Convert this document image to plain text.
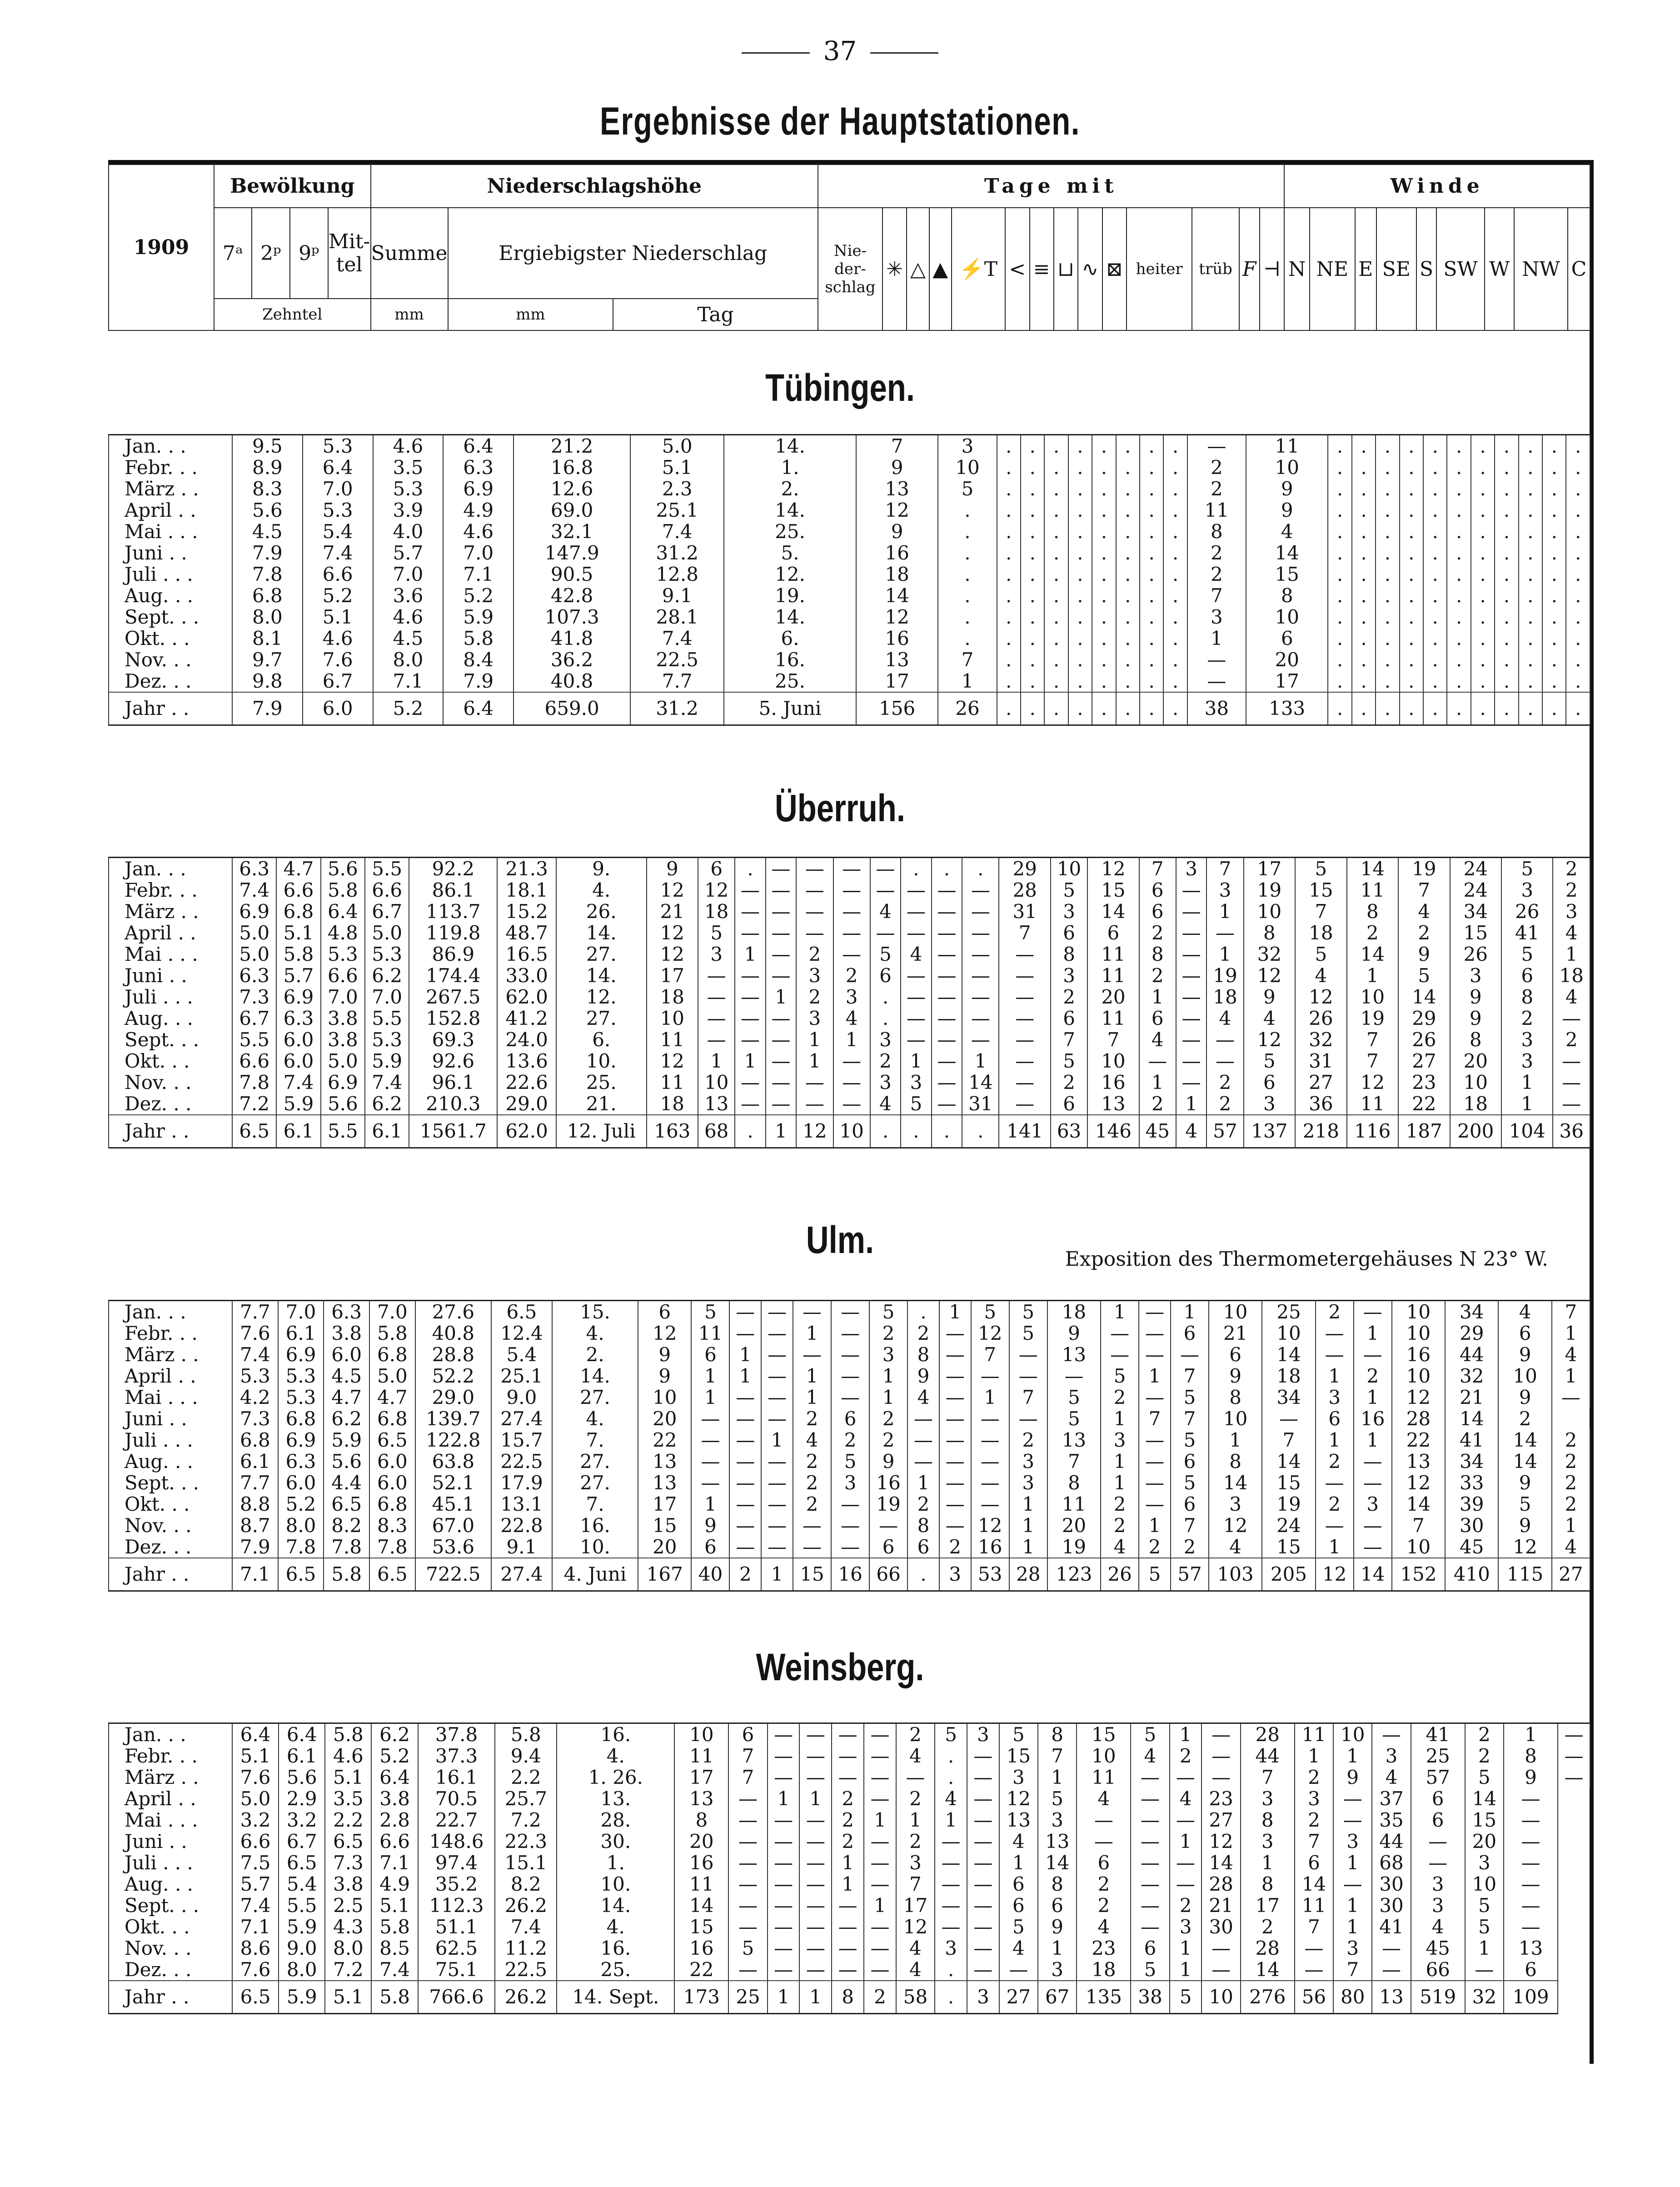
37
Ergebnisse der Hauptstationen.
1909	Bewölkung				Niederschlagshöhe			Tage mit														Winde								
	7ᵃ	2ᵖ	9ᵖ	Mit-tel	Summe	Ergiebigster Niederschlag		Nie-der-schlag	✳	△	▲	⚡T	<	≡	⊔	∿	⊠	heiter	trüb	𝐹	⊣	N	NE	E	SE	S	SW	W	NW	C
	Zehntel				mm	mm	Tag																							
Tübingen.
Jan. . .	9.5	5.3	4.6	6.4	21.2	5.0	14.	7	3	.	.	.	.	.	.	.	.	—	11	.	.	.	.	.	.	.	.	.	.	.
Febr. . .	8.9	6.4	3.5	6.3	16.8	5.1	1.	9	10	.	.	.	.	.	.	.	.	2	10	.	.	.	.	.	.	.	.	.	.	.
März . .	8.3	7.0	5.3	6.9	12.6	2.3	2.	13	5	.	.	.	.	.	.	.	.	2	9	.	.	.	.	.	.	.	.	.	.	.
April . .	5.6	5.3	3.9	4.9	69.0	25.1	14.	12	.	.	.	.	.	.	.	.	.	11	9	.	.	.	.	.	.	.	.	.	.	.
Mai . . .	4.5	5.4	4.0	4.6	32.1	7.4	25.	9	.	.	.	.	.	.	.	.	.	8	4	.	.	.	.	.	.	.	.	.	.	.
Juni . .	7.9	7.4	5.7	7.0	147.9	31.2	5.	16	.	.	.	.	.	.	.	.	.	2	14	.	.	.	.	.	.	.	.	.	.	.
Juli . . .	7.8	6.6	7.0	7.1	90.5	12.8	12.	18	.	.	.	.	.	.	.	.	.	2	15	.	.	.	.	.	.	.	.	.	.	.
Aug. . .	6.8	5.2	3.6	5.2	42.8	9.1	19.	14	.	.	.	.	.	.	.	.	.	7	8	.	.	.	.	.	.	.	.	.	.	.
Sept. . .	8.0	5.1	4.6	5.9	107.3	28.1	14.	12	.	.	.	.	.	.	.	.	.	3	10	.	.	.	.	.	.	.	.	.	.	.
Okt. . .	8.1	4.6	4.5	5.8	41.8	7.4	6.	16	.	.	.	.	.	.	.	.	.	1	6	.	.	.	.	.	.	.	.	.	.	.
Nov. . .	9.7	7.6	8.0	8.4	36.2	22.5	16.	13	7	.	.	.	.	.	.	.	.	—	20	.	.	.	.	.	.	.	.	.	.	.
Dez. . .	9.8	6.7	7.1	7.9	40.8	7.7	25.	17	1	.	.	.	.	.	.	.	.	—	17	.	.	.	.	.	.	.	.	.	.	.
Jahr . .	7.9	6.0	5.2	6.4	659.0	31.2	5. Juni	156	26	.	.	.	.	.	.	.	.	38	133	.	.	.	.	.	.	.	.	.	.	.
Überruh.
Jan. . .	6.3	4.7	5.6	5.5	92.2	21.3	9.	9	6	.	—	—	—	—	.	.	.	29	10	12	7	3	7	17	5	14	19	24	5	2
Febr. . .	7.4	6.6	5.8	6.6	86.1	18.1	4.	12	12	—	—	—	—	—	—	—	—	28	5	15	6	—	3	19	15	11	7	24	3	2
März . .	6.9	6.8	6.4	6.7	113.7	15.2	26.	21	18	—	—	—	—	4	—	—	—	31	3	14	6	—	1	10	7	8	4	34	26	3
April . .	5.0	5.1	4.8	5.0	119.8	48.7	14.	12	5	—	—	—	—	—	—	—	—	7	6	6	2	—	—	8	18	2	2	15	41	4
Mai . . .	5.0	5.8	5.3	5.3	86.9	16.5	27.	12	3	1	—	2	—	5	4	—	—	—	8	11	8	—	1	32	5	14	9	26	5	1
Juni . .	6.3	5.7	6.6	6.2	174.4	33.0	14.	17	—	—	—	3	2	6	—	—	—	—	3	11	2	—	19	12	4	1	5	3	6	18
Juli . . .	7.3	6.9	7.0	7.0	267.5	62.0	12.	18	—	—	1	2	3	.	—	—	—	—	2	20	1	—	18	9	12	10	14	9	8	4
Aug. . .	6.7	6.3	3.8	5.5	152.8	41.2	27.	10	—	—	—	3	4	.	—	—	—	—	6	11	6	—	4	4	26	19	29	9	2	—
Sept. . .	5.5	6.0	3.8	5.3	69.3	24.0	6.	11	—	—	—	1	1	3	—	—	—	—	7	7	4	—	—	12	32	7	26	8	3	2
Okt. . .	6.6	6.0	5.0	5.9	92.6	13.6	10.	12	1	1	—	1	—	2	1	—	1	—	5	10	—	—	—	5	31	7	27	20	3	—
Nov. . .	7.8	7.4	6.9	7.4	96.1	22.6	25.	11	10	—	—	—	—	3	3	—	14	—	2	16	1	—	2	6	27	12	23	10	1	—
Dez. . .	7.2	5.9	5.6	6.2	210.3	29.0	21.	18	13	—	—	—	—	4	5	—	31	—	6	13	2	1	2	3	36	11	22	18	1	—
Jahr . .	6.5	6.1	5.5	6.1	1561.7	62.0	12. Juli	163	68	.	1	12	10	.	.	.	.	141	63	146	45	4	57	137	218	116	187	200	104	36
Ulm.	Exposition des Thermometergehäuses N 23° W.
Jan. . .	7.7	7.0	6.3	7.0	27.6	6.5	15.	6	5	—	—	—	—	5	.	1	5	5	18	1	—	1	10	25	2	—	10	34	4	7
Febr. . .	7.6	6.1	3.8	5.8	40.8	12.4	4.	12	11	—	—	1	—	2	2	—	12	5	9	—	—	6	21	10	—	1	10	29	6	1
März . .	7.4	6.9	6.0	6.8	28.8	5.4	2.	9	6	1	—	—	—	3	8	—	7	—	13	—	—	—	6	14	—	—	16	44	9	4
April . .	5.3	5.3	4.5	5.0	52.2	25.1	14.	9	1	1	—	1	—	1	9	—	—	—	—	5	1	7	9	18	1	2	10	32	10	1
Mai . . .	4.2	5.3	4.7	4.7	29.0	9.0	27.	10	1	—	—	1	—	1	4	—	1	7	5	2	—	5	8	34	3	1	12	21	9	—
Juni . .	7.3	6.8	6.2	6.8	139.7	27.4	4.	20	—	—	—	2	6	2	—	—	—	—	5	1	7	7	10	—	6	16	28	14	2	
Juli . . .	6.8	6.9	5.9	6.5	122.8	15.7	7.	22	—	—	1	4	2	2	—	—	—	2	13	3	—	5	1	7	1	1	22	41	14	2
Aug. . .	6.1	6.3	5.6	6.0	63.8	22.5	27.	13	—	—	—	2	5	9	—	—	—	3	7	1	—	6	8	14	2	—	13	34	14	2
Sept. . .	7.7	6.0	4.4	6.0	52.1	17.9	27.	13	—	—	—	2	3	16	1	—	—	3	8	1	—	5	14	15	—	—	12	33	9	2
Okt. . .	8.8	5.2	6.5	6.8	45.1	13.1	7.	17	1	—	—	2	—	19	2	—	—	1	11	2	—	6	3	19	2	3	14	39	5	2
Nov. . .	8.7	8.0	8.2	8.3	67.0	22.8	16.	15	9	—	—	—	—	—	8	—	12	1	20	2	1	7	12	24	—	—	7	30	9	1
Dez. . .	7.9	7.8	7.8	7.8	53.6	9.1	10.	20	6	—	—	—	—	6	6	2	16	1	19	4	2	2	4	15	1	—	10	45	12	4
Jahr . .	7.1	6.5	5.8	6.5	722.5	27.4	4. Juni	167	40	2	1	15	16	66	.	3	53	28	123	26	5	57	103	205	12	14	152	410	115	27
Weinsberg.
Jan. . .	6.4	6.4	5.8	6.2	37.8	5.8	16.	10	6	—	—	—	—	2	5	3	5	8	15	5	1	—	28	11	10	—	41	2	1	—
Febr. . .	5.1	6.1	4.6	5.2	37.3	9.4	4.	11	7	—	—	—	—	4	.	—	15	7	10	4	2	—	44	1	1	3	25	2	8	—
März . .	7.6	5.6	5.1	6.4	16.1	2.2	1. 26.	17	7	—	—	—	—	—	.	—	3	1	11	—	—	—	7	2	9	4	57	5	9	—
April . .	5.0	2.9	3.5	3.8	70.5	25.7	13.	13	—	1	1	2	—	2	4	—	12	5	4	—	4	23	3	3	—	37	6	14	—	
Mai . . .	3.2	3.2	2.2	2.8	22.7	7.2	28.	8	—	—	—	2	1	1	1	—	13	3	—	—	—	27	8	2	—	35	6	15	—	
Juni . .	6.6	6.7	6.5	6.6	148.6	22.3	30.	20	—	—	—	2	—	2	—	—	4	13	—	—	1	12	3	7	3	44	—	20	—	
Juli . . .	7.5	6.5	7.3	7.1	97.4	15.1	1.	16	—	—	—	1	—	3	—	—	1	14	6	—	—	14	1	6	1	68	—	3	—	
Aug. . .	5.7	5.4	3.8	4.9	35.2	8.2	10.	11	—	—	—	1	—	7	—	—	6	8	2	—	—	28	8	14	—	30	3	10	—	
Sept. . .	7.4	5.5	2.5	5.1	112.3	26.2	14.	14	—	—	—	—	1	17	—	—	6	6	2	—	2	21	17	11	1	30	3	5	—	
Okt. . .	7.1	5.9	4.3	5.8	51.1	7.4	4.	15	—	—	—	—	—	12	—	—	5	9	4	—	3	30	2	7	1	41	4	5	—	
Nov. . .	8.6	9.0	8.0	8.5	62.5	11.2	16.	16	5	—	—	—	—	4	3	—	4	1	23	6	1	—	28	—	3	—	45	1	13	
Dez. . .	7.6	8.0	7.2	7.4	75.1	22.5	25.	22	—	—	—	—	—	4	.	—	—	3	18	5	1	—	14	—	7	—	66	—	6	
Jahr . .	6.5	5.9	5.1	5.8	766.6	26.2	14. Sept.	173	25	1	1	8	2	58	.	3	27	67	135	38	5	10	276	56	80	13	519	32	109	
